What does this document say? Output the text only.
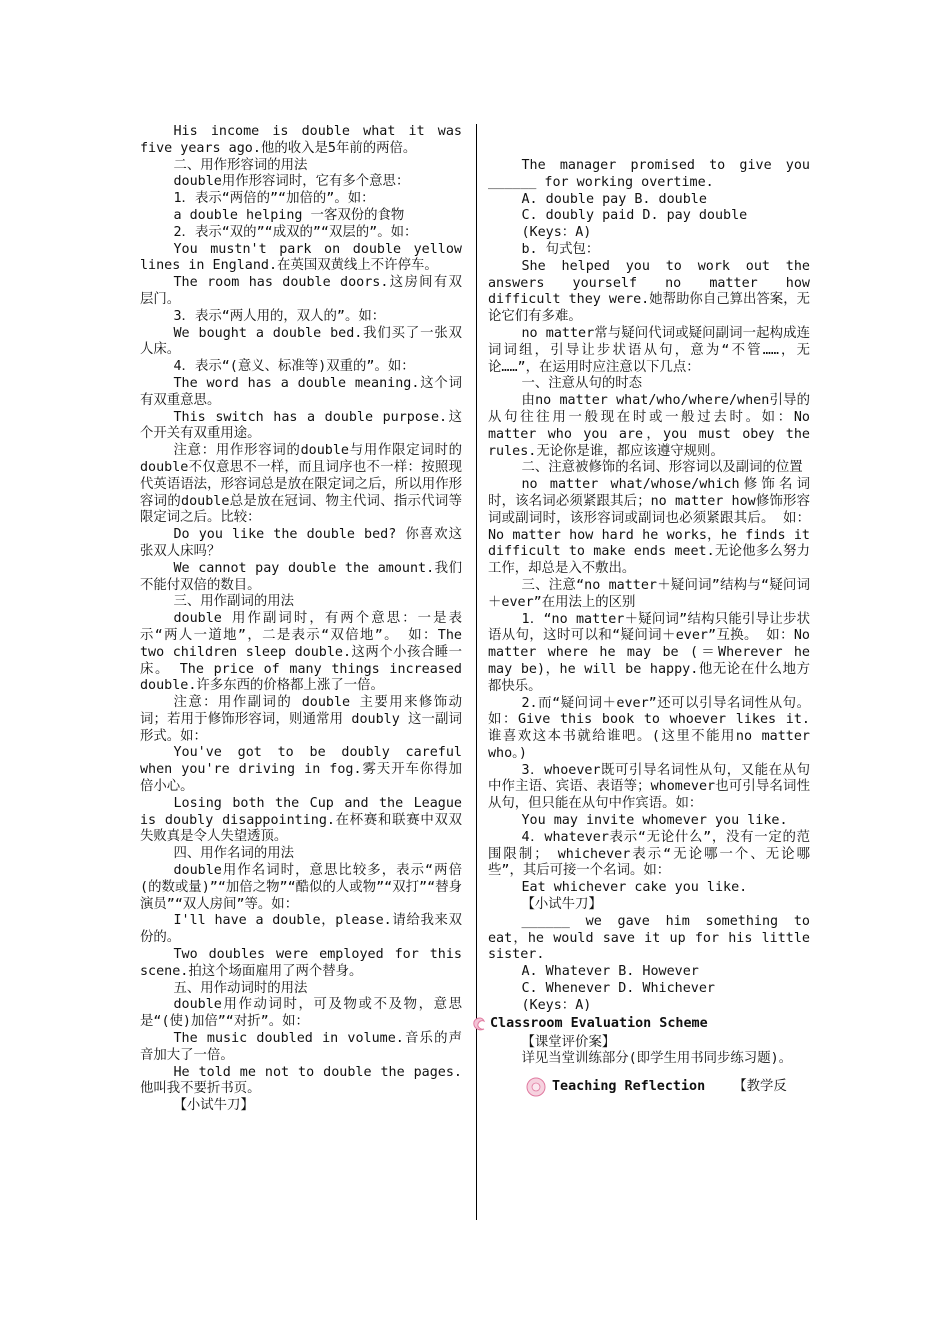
His income is double what it was five years ago.他的收入是5年前的两倍。

二、用作形容词的用法

double用作形容词时，它有多个意思：

1．表示“两倍的”“加倍的”。如：

a double helping 一客双份的食物

2．表示“双的”“成双的”“双层的”。如：

You mustn't park on double yellow lines in England.在英国双黄线上不许停车。

The room has double doors.这房间有双层门。

3．表示“两人用的，双人的”。如：

We bought a double bed.我们买了一张双人床。

4．表示“(意义、标准等)双重的”。如：

The word has a double meaning.这个词有双重意思。

This switch has a double purpose.这个开关有双重用途。

注意：用作形容词的double与用作限定词时的double不仅意思不一样，而且词序也不一样：按照现代英语语法，形容词总是放在限定词之后，所以用作形容词的double总是放在冠词、物主代词、指示代词等限定词之后。比较：

Do you like the double bed? 你喜欢这张双人床吗？

We cannot pay double the amount.我们不能付双倍的数目。

三、用作副词的用法

double 用作副词时，有两个意思：一是表示“两人一道地”，二是表示“双倍地”。 如：The two children sleep double.这两个小孩合睡一床。 The price of many things increased double.许多东西的价格都上涨了一倍。

注意：用作副词的 double 主要用来修饰动词；若用于修饰形容词，则通常用 doubly 这一副词形式。如：

You've got to be doubly careful when you're driving in fog.雾天开车你得加倍小心。

Losing both the Cup and the League is doubly disappointing.在杯赛和联赛中双双失败真是令人失望透顶。

四、用作名词的用法

double用作名词时，意思比较多，表示“两倍(的数或量)”“加倍之物”“酷似的人或物”“双打”“替身演员”“双人房间”等。如：

I'll have a double，please.请给我来双份的。

Two doubles were employed for this scene.拍这个场面雇用了两个替身。

五、用作动词时的用法

double用作动词时，可及物或不及物，意思是“(使)加倍”“对折”。如：

The music doubled in volume.音乐的声音加大了一倍。

He told me not to double the pages.他叫我不要折书页。

【小试牛刀】

The manager promised to give you ______ for working overtime.

A. double pay B. double

C. doubly paid D. pay double

(Keys：A)

b. 句式包：

She helped you to work out the answers yourself no matter how difficult they were.她帮助你自己算出答案，无论它们有多难。

no matter常与疑问代词或疑问副词一起构成连词词组，引导让步状语从句，意为“不管……，无论……”，在运用时应注意以下几点：

一、注意从句的时态

由no matter what/who/where/when引导的从句往往用一般现在时或一般过去时。如：No matter who you are，you must obey the rules.无论你是谁，都应该遵守规则。

二、注意被修饰的名词、形容词以及副词的位置

no matter what/whose/which修饰名词时，该名词必须紧跟其后；no matter how修饰形容词或副词时，该形容词或副词也必须紧跟其后。 如：No matter how hard he works，he finds it difficult to make ends meet.无论他多么努力工作，却总是入不敷出。

三、注意“no matter＋疑问词”结构与“疑问词＋ever”在用法上的区别

1．“no matter＋疑问词”结构只能引导让步状语从句，这时可以和“疑问词＋ever”互换。 如：No matter where he may be (＝Wherever he may be)，he will be happy.他无论在什么地方都快乐。

2.而“疑问词＋ever”还可以引导名词性从句。 如：Give this book to whoever likes it.谁喜欢这本书就给谁吧。(这里不能用no matter who。)

3．whoever既可引导名词性从句，又能在从句中作主语、宾语、表语等；whomever也可引导名词性从句，但只能在从句中作宾语。如：

You may invite whomever you like.

4．whatever表示“无论什么”，没有一定的范围限制； whichever表示“无论哪一个、无论哪些”，其后可接一个名词。如：

Eat whichever cake you like.

【小试牛刀】

______ we gave him something to eat，he would save it up for his little sister.

A. Whatever B. However

C. Whenever D. Whichever

(Keys：A)

Classroom Evaluation Scheme

【课堂评价案】

详见当堂训练部分(即学生用书同步练习题)。

Teaching Reflection 【教学反
